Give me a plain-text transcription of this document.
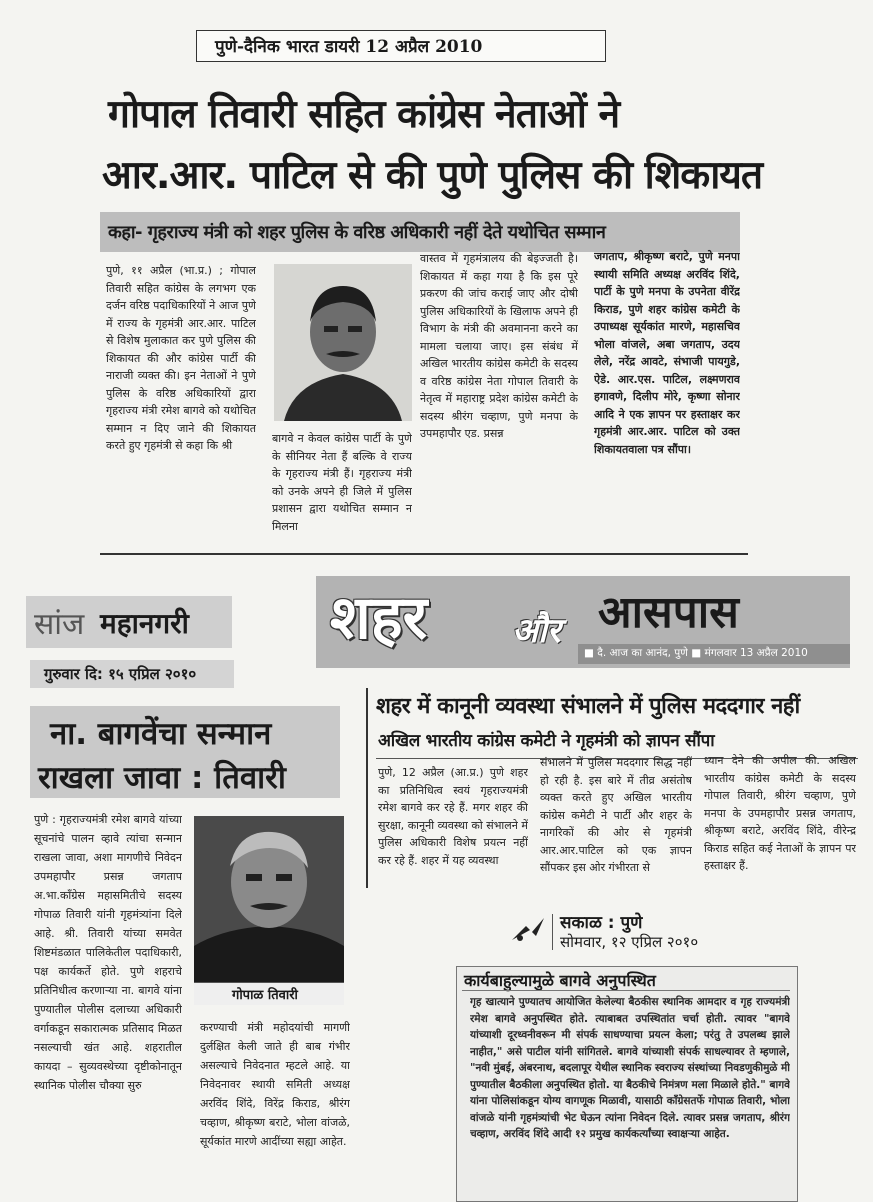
पुणे-दैनिक भारत डायरी 12 अप्रैल 2010
गोपाल तिवारी सहित कांग्रेस नेताओं ने
आर.आर. पाटिल से की पुणे पुलिस की शिकायत
कहा- गृहराज्य मंत्री को शहर पुलिस के वरिष्ठ अधिकारी नहीं देते यथोचित सम्मान
पुणे, ११ अप्रैल (भा.प्र.) ; गोपाल तिवारी सहित कांग्रेस के लगभग एक दर्जन वरिष्ठ पदाधिकारियों ने आज पुणे में राज्य के गृहमंत्री आर.आर. पाटिल से विशेष मुलाकात कर पुणे पुलिस की शिकायत की और कांग्रेस पार्टी की नाराजी व्यक्त की। इन नेताओं ने पुणे पुलिस के वरिष्ठ अधिकारियों द्वारा गृहराज्य मंत्री रमेश बागवे को यथोचित सम्मान न दिए जाने की शिकायत करते हुए गृहमंत्री से कहा कि श्री
बागवे न केवल कांग्रेस पार्टी के पुणे के सीनियर नेता हैं बल्कि वे राज्य के गृहराज्य मंत्री हैं। गृहराज्य मंत्री को उनके अपने ही जिले में पुलिस प्रशासन द्वारा यथोचित सम्मान न मिलना
वास्तव में गृहमंत्रालय की बेइज्जती है। शिकायत में कहा गया है कि इस पूरे प्रकरण की जांच कराई जाए और दोषी पुलिस अधिकारियों के खिलाफ अपने ही विभाग के मंत्री की अवमानना करने का मामला चलाया जाए। इस संबंध में अखिल भारतीय कांग्रेस कमेटी के सदस्य व वरिष्ठ कांग्रेस नेता गोपाल तिवारी के नेतृत्व में महाराष्ट्र प्रदेश कांग्रेस कमेटी के सदस्य श्रीरंग चव्हाण, पुणे मनपा के उपमहापौर एड. प्रसन्न
जगताप, श्रीकृष्ण बराटे, पुणे मनपा स्थायी समिति अध्यक्ष अरविंद शिंदे, पार्टी के पुणे मनपा के उपनेता वीरेंद्र किराड, पुणे शहर कांग्रेस कमेटी के उपाध्यक्ष सूर्यकांत मारणे, महासचिव भोला वांजले, अबा जगताप, उदय लेले, नरेंद्र आवटे, संभाजी पायगुडे, ऐडे. आर.एस. पाटिल, लक्ष्मणराव हगावणे, दिलीप मोरे, कृष्णा सोनार आदि ने एक ज्ञापन पर हस्ताक्षर कर गृहमंत्री आर.आर. पाटिल को उक्त शिकायतवाला पत्र सौंपा।
सांज महानगरी
गुरुवार दि: १५ एप्रिल २०१०
ना. बागवेंचा सन्मान
राखला जावा : तिवारी
पुणे : गृहराज्यमंत्री रमेश बागवे यांच्या सूचनांचे पालन व्हावे त्यांचा सन्मान राखला जावा, अशा मागणीचे निवेदन उपमहापौर प्रसन्न जगताप अ.भा.कॉंग्रेस महासमितीचे सदस्य गोपाळ तिवारी यांनी गृहमंत्र्यांना दिले आहे. श्री. तिवारी यांच्या समवेत शिष्टमंडळात पालिकेतील पदाधिकारी, पक्ष कार्यकर्ते होते. पुणे शहराचे प्रतिनिधीत्व करणाऱ्या ना. बागवे यांना पुण्यातील पोलीस दलाच्या अधिकारी वर्गाकडून सकारात्मक प्रतिसाद मिळत नसल्याची खंत आहे. शहरातील कायदा – सुव्यवस्थेच्या दृष्टीकोनातून स्थानिक पोलीस चौक्या सुरु
गोपाळ तिवारी
करण्याची मंत्री महोदयांची मागणी दुर्लक्षित केली जाते ही बाब गंभीर असल्याचे निवेदनात म्हटले आहे. या निवेदनावर स्थायी समिती अध्यक्ष अरविंद शिंदे, विरेंद्र किराड, श्रीरंग चव्हाण, श्रीकृष्ण बराटे, भोला वांजळे, सूर्यकांत मारणे आदींच्या सह्या आहेत.
शहर और आसपास
■ दै. आज का आनंद, पुणे ■ मंगलवार 13 अप्रैल 2010
शहर में कानूनी व्यवस्था संभालने में पुलिस मददगार नहीं
अखिल भारतीय कांग्रेस कमेटी ने गृहमंत्री को ज्ञापन सौंपा
पुणे, 12 अप्रैल (आ.प्र.) पुणे शहर का प्रतिनिधित्व स्वयं गृहराज्यमंत्री रमेश बागवे कर रहे हैं. मगर शहर की सुरक्षा, कानूनी व्यवस्था को संभालने में पुलिस अधिकारी विशेष प्रयत्न नहीं कर रहे हैं. शहर में यह व्यवस्था
संभालने में पुलिस मददगार सिद्ध नहीं हो रही है. इस बारे में तीव्र असंतोष व्यक्त करते हुए अखिल भारतीय कांग्रेस कमेटी ने पार्टी और शहर के नागरिकों की ओर से गृहमंत्री आर.आर.पाटिल को एक ज्ञापन सौंपकर इस ओर गंभीरता से
ध्यान देने की अपील की. अखिल भारतीय कांग्रेस कमेटी के सदस्य गोपाल तिवारी, श्रीरंग चव्हाण, पुणे मनपा के उपमहापौर प्रसन्न जगताप, श्रीकृष्ण बराटे, अरविंद शिंदे, वीरेन्द्र किराड सहित कई नेताओं के ज्ञापन पर हस्ताक्षर हैं.
सकाळ : पुणे
सोमवार, १२ एप्रिल २०१०
कार्यबाहुल्यामुळे बागवे अनुपस्थित
गृह खात्याने पुण्यातच आयोजित केलेल्या बैठकीस स्थानिक आमदार व गृह राज्यमंत्री रमेश बागवे अनुपस्थित होते. त्याबाबत उपस्थितांत चर्चा होती. त्यावर "बागवे यांच्याशी दूरध्वनीवरून मी संपर्क साधण्याचा प्रयत्न केला; परंतु ते उपलब्ध झाले नाहीत," असे पाटील यांनी सांगितले. बागवे यांच्याशी संपर्क साधल्यावर ते म्हणाले, "नवी मुंबई, अंबरनाथ, बदलापूर येथील स्थानिक स्वराज्य संस्थांच्या निवडणुकीमुळे मी पुण्यातील बैठकीला अनुपस्थित होतो. या बैठकीचे निमंत्रण मला मिळाले होते." बागवे यांना पोलिसांकडून योग्य वागणूक मिळावी, यासाठी कॉंग्रेसतर्फे गोपाळ तिवारी, भोला वांजळे यांनी गृहमंत्र्यांची भेट घेऊन त्यांना निवेदन दिले. त्यावर प्रसन्न जगताप, श्रीरंग चव्हाण, अरविंद शिंदे आदी १२ प्रमुख कार्यकर्त्यांच्या स्वाक्षऱ्या आहेत.
